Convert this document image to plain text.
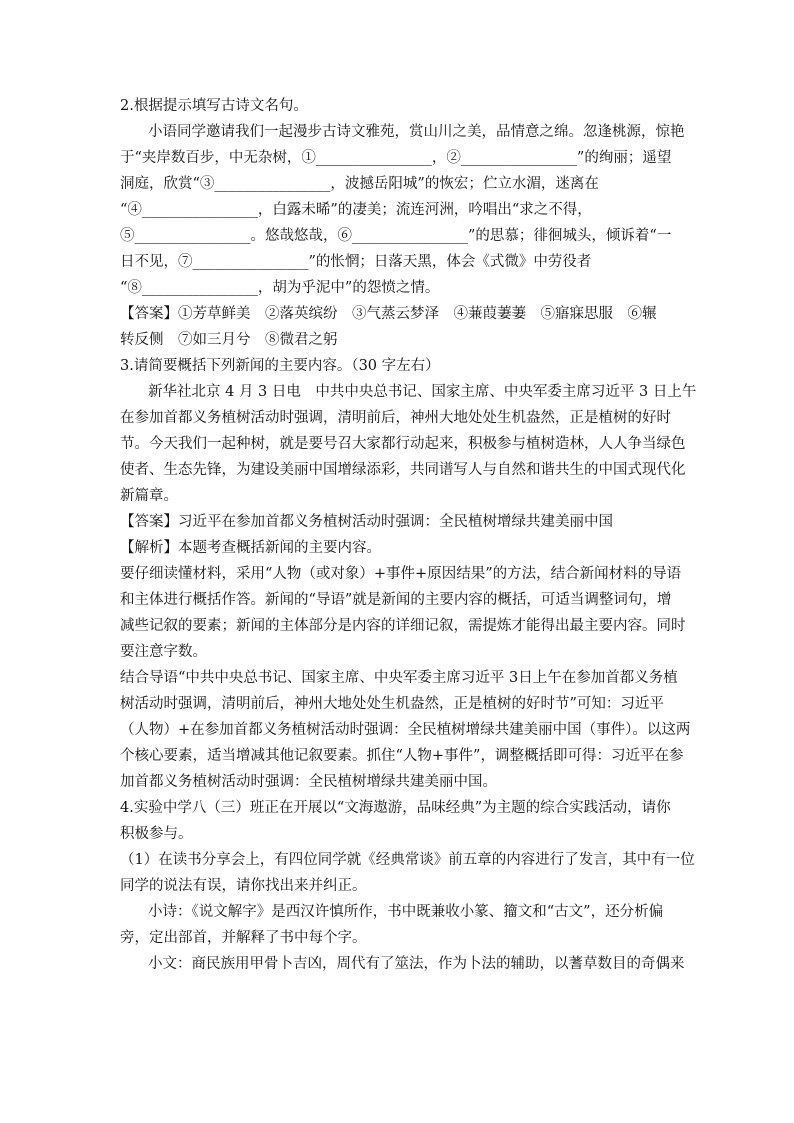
2.根据提示填写古诗文名句。
小语同学邀请我们一起漫步古诗文雅苑，赏山川之美，品情意之绵。忽逢桃源，惊艳
于“夹岸数百步，中无杂树，①________________，②________________”的绚丽；遥望
洞庭，欣赏“③________________，波撼岳阳城”的恢宏；伫立水湄，迷离在
“④________________，白露未晞”的凄美；流连河洲，吟唱出“求之不得，
⑤________________。悠哉悠哉，⑥________________”的思慕；徘徊城头，倾诉着“一
日不见，⑦________________”的怅惘；日落天黑，体会《式微》中劳役者
“⑧________________，胡为乎泥中”的怨愤之情。
【答案】①芳草鲜美　②落英缤纷　③气蒸云梦泽　④蒹葭萋萋　⑤寤寐思服　⑥辗
转反侧　⑦如三月兮　⑧微君之躬
3.请简要概括下列新闻的主要内容。（30 字左右）
新华社北京 4 月 3 日电　中共中央总书记、国家主席、中央军委主席习近平 3 日上午
在参加首都义务植树活动时强调，清明前后，神州大地处处生机盎然，正是植树的好时
节。今天我们一起种树，就是要号召大家都行动起来，积极参与植树造林，人人争当绿色
使者、生态先锋，为建设美丽中国增绿添彩，共同谱写人与自然和谐共生的中国式现代化
新篇章。
【答案】习近平在参加首都义务植树活动时强调：全民植树增绿共建美丽中国
【解析】本题考查概括新闻的主要内容。
要仔细读懂材料，采用“人物（或对象）+事件+原因结果”的方法，结合新闻材料的导语
和主体进行概括作答。新闻的“导语”就是新闻的主要内容的概括，可适当调整词句，增
减些记叙的要素；新闻的主体部分是内容的详细记叙，需提炼才能得出最主要内容。同时
要注意字数。
结合导语“中共中央总书记、国家主席、中央军委主席习近平 3日上午在参加首都义务植
树活动时强调，清明前后，神州大地处处生机盎然，正是植树的好时节”可知：习近平
（人物）+在参加首都义务植树活动时强调：全民植树增绿共建美丽中国（事件）。以这两
个核心要素，适当增减其他记叙要素。抓住“人物+事件”，调整概括即可得：习近平在参
加首都义务植树活动时强调：全民植树增绿共建美丽中国。
4.实验中学八（三）班正在开展以“文海遨游，品味经典”为主题的综合实践活动，请你
积极参与。
（1）在读书分享会上，有四位同学就《经典常谈》前五章的内容进行了发言，其中有一位
同学的说法有误，请你找出来并纠正。
小诗：《说文解字》是西汉许慎所作，书中既兼收小篆、籀文和“古文”，还分析偏
旁，定出部首，并解释了书中每个字。
小文：商民族用甲骨卜吉凶，周代有了筮法，作为卜法的辅助，以蓍草数目的奇偶来
